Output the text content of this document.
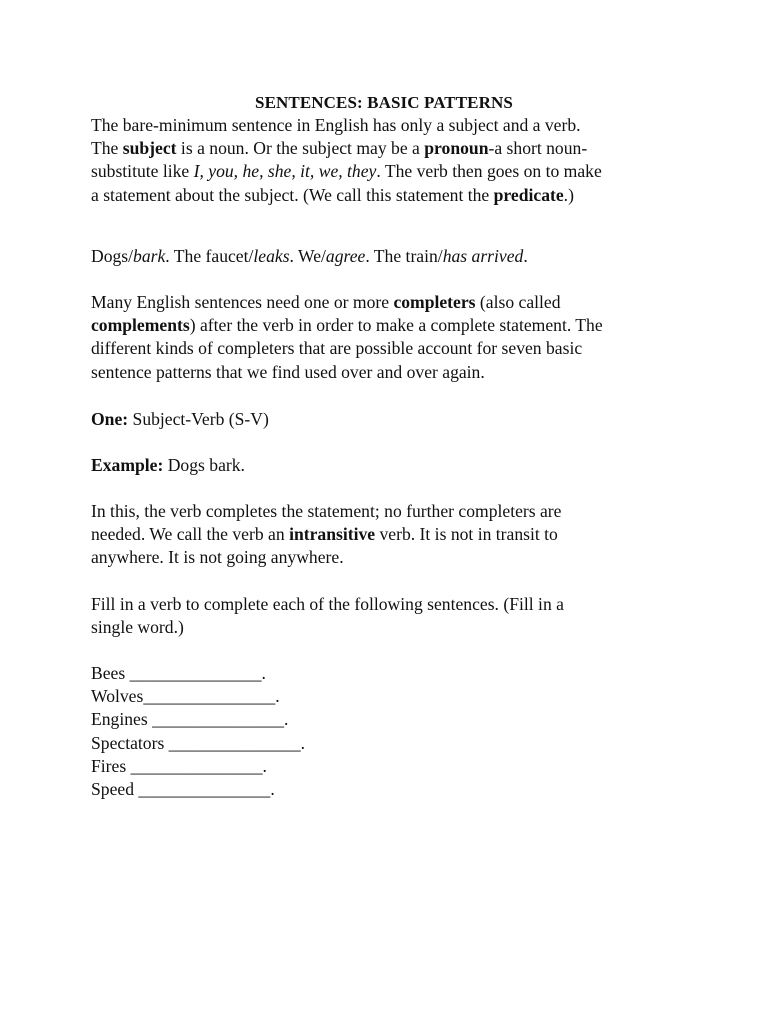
SENTENCES: BASIC PATTERNS
The bare-minimum sentence in English has only a subject and a verb.
The subject is a noun. Or the subject may be a pronoun-a short noun-
substitute like I, you, he, she, it, we, they. The verb then goes on to make
a statement about the subject. (We call this statement the predicate.)
Dogs/bark. The faucet/leaks. We/agree. The train/has arrived.
Many English sentences need one or more completers (also called
complements) after the verb in order to make a complete statement. The
different kinds of completers that are possible account for seven basic
sentence patterns that we find used over and over again.
One: Subject-Verb (S-V)
Example: Dogs bark.
In this, the verb completes the statement; no further completers are
needed. We call the verb an intransitive verb. It is not in transit to
anywhere. It is not going anywhere.
Fill in a verb to complete each of the following sentences. (Fill in a
single word.)
Bees _______________.
Wolves_______________.
Engines _______________.
Spectators _______________.
Fires _______________.
Speed _______________.
